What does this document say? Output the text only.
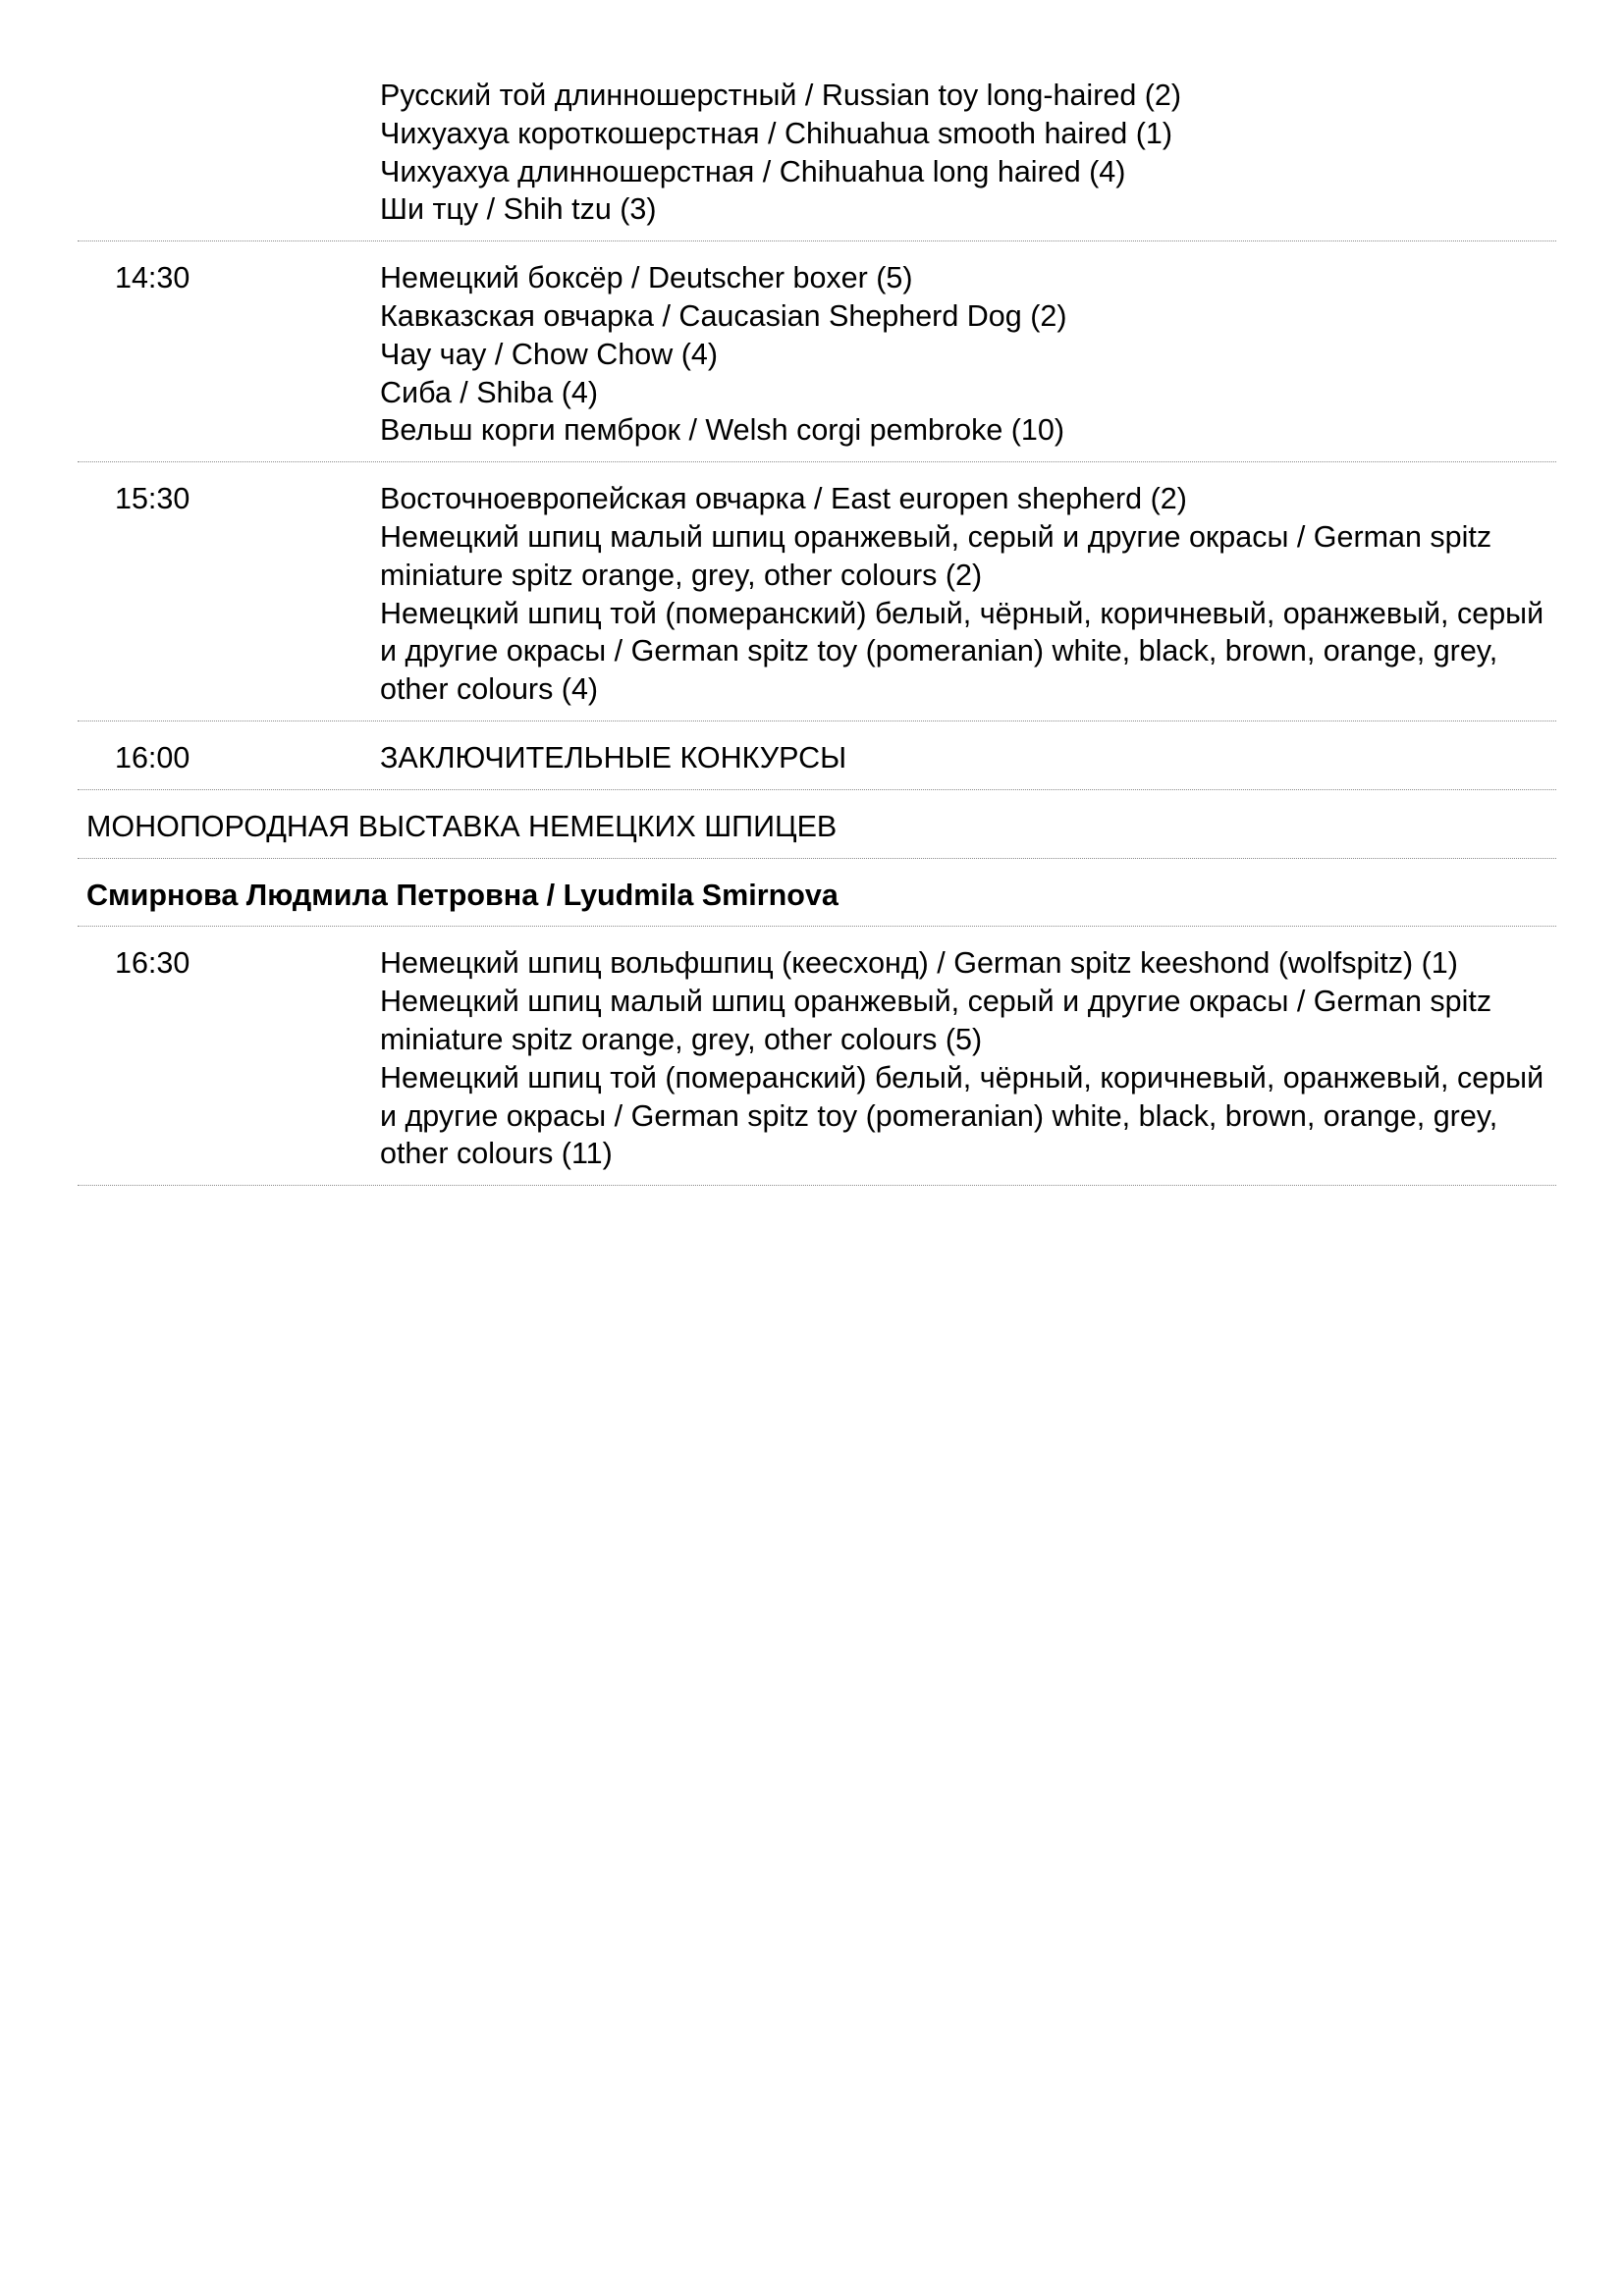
Русский той длинношерстный / Russian toy long-haired (2)
Чихуахуа короткошерстная / Chihuahua smooth haired (1)
Чихуахуа длинношерстная / Chihuahua long haired (4)
Ши тцу / Shih tzu (3)
14:30	Немецкий боксёр / Deutscher boxer (5)
Кавказская овчарка / Caucasian Shepherd Dog (2)
Чау чау / Chow Chow (4)
Сиба / Shiba (4)
Вельш корги пемброк / Welsh corgi pembroke (10)
15:30	Восточноевропейская овчарка / East europen shepherd (2)
Немецкий шпиц малый шпиц оранжевый, серый и другие окрасы / German spitz miniature spitz orange, grey, other colours (2)
Немецкий шпиц той (померанский) белый, чёрный, коричневый, оранжевый, серый и другие окрасы / German spitz toy (pomeranian) white, black, brown, orange, grey, other colours (4)
16:00	ЗАКЛЮЧИТЕЛЬНЫЕ КОНКУРСЫ
МОНОПОРОДНАЯ ВЫСТАВКА НЕМЕЦКИХ ШПИЦЕВ
Смирнова Людмила Петровна / Lyudmila Smirnova
16:30	Немецкий шпиц вольфшпиц (кеесхонд) / German spitz keeshond (wolfspitz) (1)
Немецкий шпиц малый шпиц оранжевый, серый и другие окрасы / German spitz miniature spitz orange, grey, other colours (5)
Немецкий шпиц той (померанский) белый, чёрный, коричневый, оранжевый, серый и другие окрасы / German spitz toy (pomeranian) white, black, brown, orange, grey, other colours (11)
